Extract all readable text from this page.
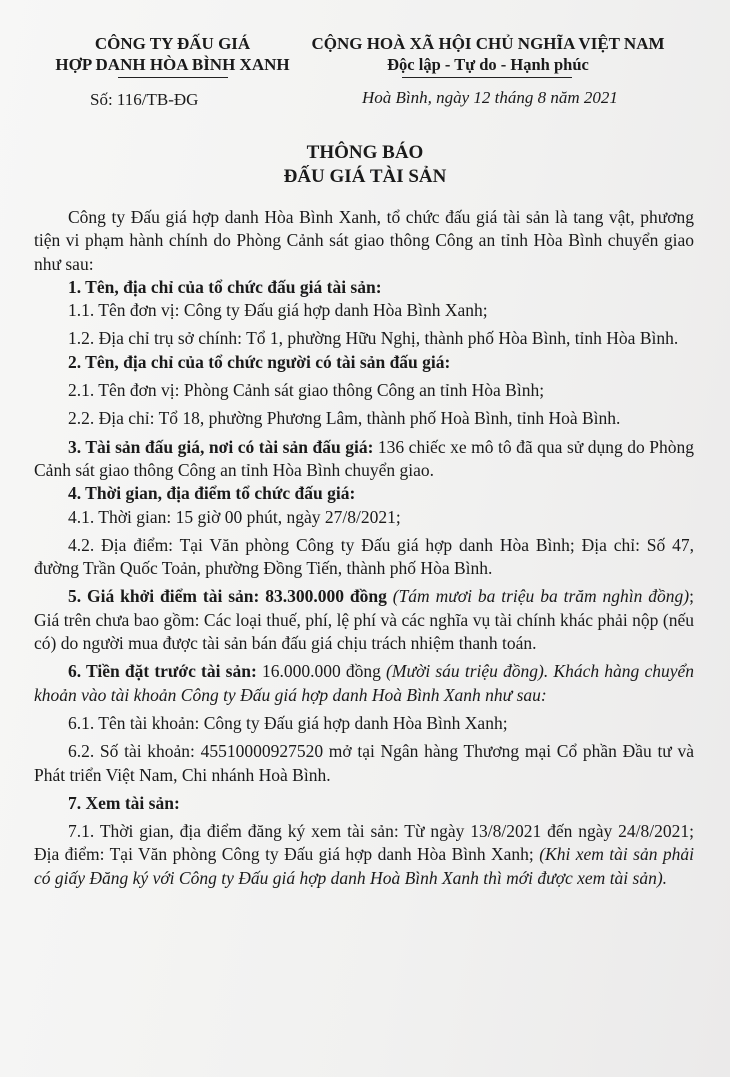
CÔNG TY ĐẤU GIÁ
HỢP DANH HÒA BÌNH XANH
CỘNG HOÀ XÃ HỘI CHỦ NGHĨA VIỆT NAM
Độc lập - Tự do - Hạnh phúc
Số: 116/TB-ĐG	Hoà Bình, ngày 12 tháng 8 năm 2021
THÔNG BÁO
ĐẤU GIÁ TÀI SẢN

Công ty Đấu giá hợp danh Hòa Bình Xanh, tổ chức đấu giá tài sản là tang vật, phương tiện vi phạm hành chính do Phòng Cảnh sát giao thông Công an tỉnh Hòa Bình chuyển giao như sau:

1. Tên, địa chỉ của tổ chức đấu giá tài sản:

1.1. Tên đơn vị: Công ty Đấu giá hợp danh Hòa Bình Xanh;

1.2. Địa chỉ trụ sở chính: Tổ 1, phường Hữu Nghị, thành phố Hòa Bình, tỉnh Hòa Bình.

2. Tên, địa chỉ của tổ chức người có tài sản đấu giá:

2.1. Tên đơn vị: Phòng Cảnh sát giao thông Công an tỉnh Hòa Bình;

2.2. Địa chỉ: Tổ 18, phường Phương Lâm, thành phố Hoà Bình, tỉnh Hoà Bình.

3. Tài sản đấu giá, nơi có tài sản đấu giá: 136 chiếc xe mô tô đã qua sử dụng do Phòng Cảnh sát giao thông Công an tỉnh Hòa Bình chuyển giao.

4. Thời gian, địa điểm tổ chức đấu giá:

4.1. Thời gian: 15 giờ 00 phút, ngày 27/8/2021;

4.2. Địa điểm: Tại Văn phòng Công ty Đấu giá hợp danh Hòa Bình; Địa chỉ: Số 47, đường Trần Quốc Toản, phường Đồng Tiến, thành phố Hòa Bình.

5. Giá khởi điểm tài sản: 83.300.000 đồng (Tám mươi ba triệu ba trăm nghìn đồng); Giá trên chưa bao gồm: Các loại thuế, phí, lệ phí và các nghĩa vụ tài chính khác phải nộp (nếu có) do người mua được tài sản bán đấu giá chịu trách nhiệm thanh toán.

6. Tiền đặt trước tài sản: 16.000.000 đồng (Mười sáu triệu đồng). Khách hàng chuyển khoản vào tài khoản Công ty Đấu giá hợp danh Hoà Bình Xanh như sau:

6.1. Tên tài khoản: Công ty Đấu giá hợp danh Hòa Bình Xanh;

6.2. Số tài khoản: 45510000927520 mở tại Ngân hàng Thương mại Cổ phần Đầu tư và Phát triển Việt Nam, Chi nhánh Hoà Bình.

7. Xem tài sản:

7.1. Thời gian, địa điểm đăng ký xem tài sản: Từ ngày 13/8/2021 đến ngày 24/8/2021; Địa điểm: Tại Văn phòng Công ty Đấu giá hợp danh Hòa Bình Xanh; (Khi xem tài sản phải có giấy Đăng ký với Công ty Đấu giá hợp danh Hoà Bình Xanh thì mới được xem tài sản).
